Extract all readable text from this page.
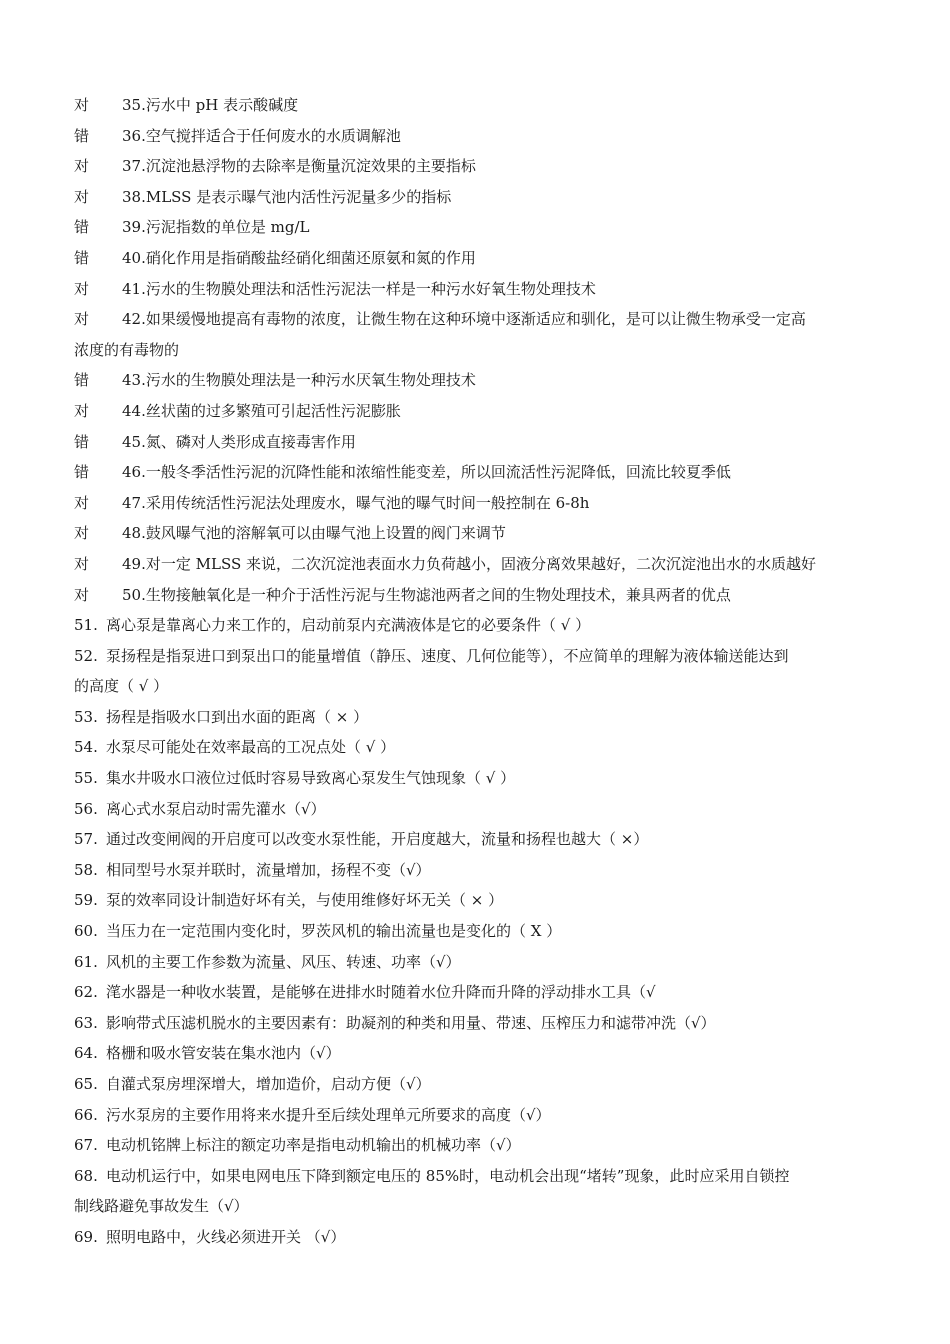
对 35.污水中 pH 表示酸碱度
错 36.空气搅拌适合于任何废水的水质调解池
对 37.沉淀池悬浮物的去除率是衡量沉淀效果的主要指标
对 38.MLSS 是表示曝气池内活性污泥量多少的指标
错 39.污泥指数的单位是 mg/L
错 40.硝化作用是指硝酸盐经硝化细菌还原氨和氮的作用
对 41.污水的生物膜处理法和活性污泥法一样是一种污水好氧生物处理技术
对 42.如果缓慢地提高有毒物的浓度，让微生物在这种环境中逐渐适应和驯化，是可以让微生物承受一定高
浓度的有毒物的
错 43.污水的生物膜处理法是一种污水厌氧生物处理技术
对 44.丝状菌的过多繁殖可引起活性污泥膨胀
错 45.氮、磷对人类形成直接毒害作用
错 46.一般冬季活性污泥的沉降性能和浓缩性能变差，所以回流活性污泥降低，回流比较夏季低
对 47.采用传统活性污泥法处理废水，曝气池的曝气时间一般控制在 6-8h
对 48.鼓风曝气池的溶解氧可以由曝气池上设置的阀门来调节
对 49.对一定 MLSS 来说，二次沉淀池表面水力负荷越小，固液分离效果越好，二次沉淀池出水的水质越好
对 50.生物接触氧化是一种介于活性污泥与生物滤池两者之间的生物处理技术，兼具两者的优点
51. 离心泵是靠离心力来工作的，启动前泵内充满液体是它的必要条件（ √ ）
52. 泵扬程是指泵进口到泵出口的能量增值（静压、速度、几何位能等），不应简单的理解为液体输送能达到
的高度（ √ ）
53. 扬程是指吸水口到出水面的距离（ × ）
54. 水泵尽可能处在效率最高的工况点处（ √ ）
55. 集水井吸水口液位过低时容易导致离心泵发生气蚀现象（ √ ）
56. 离心式水泵启动时需先灌水（√）
57. 通过改变闸阀的开启度可以改变水泵性能，开启度越大，流量和扬程也越大（ ×）
58. 相同型号水泵并联时，流量增加，扬程不变（√）
59. 泵的效率同设计制造好坏有关，与使用维修好坏无关（ × ）
60. 当压力在一定范围内变化时，罗茨风机的输出流量也是变化的（ X ）
61. 风机的主要工作参数为流量、风压、转速、功率（√）
62. 滗水器是一种收水装置，是能够在进排水时随着水位升降而升降的浮动排水工具（√
63. 影响带式压滤机脱水的主要因素有：助凝剂的种类和用量、带速、压榨压力和滤带冲洗（√）
64. 格栅和吸水管安装在集水池内（√）
65. 自灌式泵房埋深增大，增加造价，启动方便（√）
66. 污水泵房的主要作用将来水提升至后续处理单元所要求的高度（√）
67. 电动机铭牌上标注的额定功率是指电动机输出的机械功率（√）
68. 电动机运行中，如果电网电压下降到额定电压的 85%时，电动机会出现“堵转”现象，此时应采用自锁控
制线路避免事故发生（√）
69. 照明电路中，火线必须进开关 （√）
